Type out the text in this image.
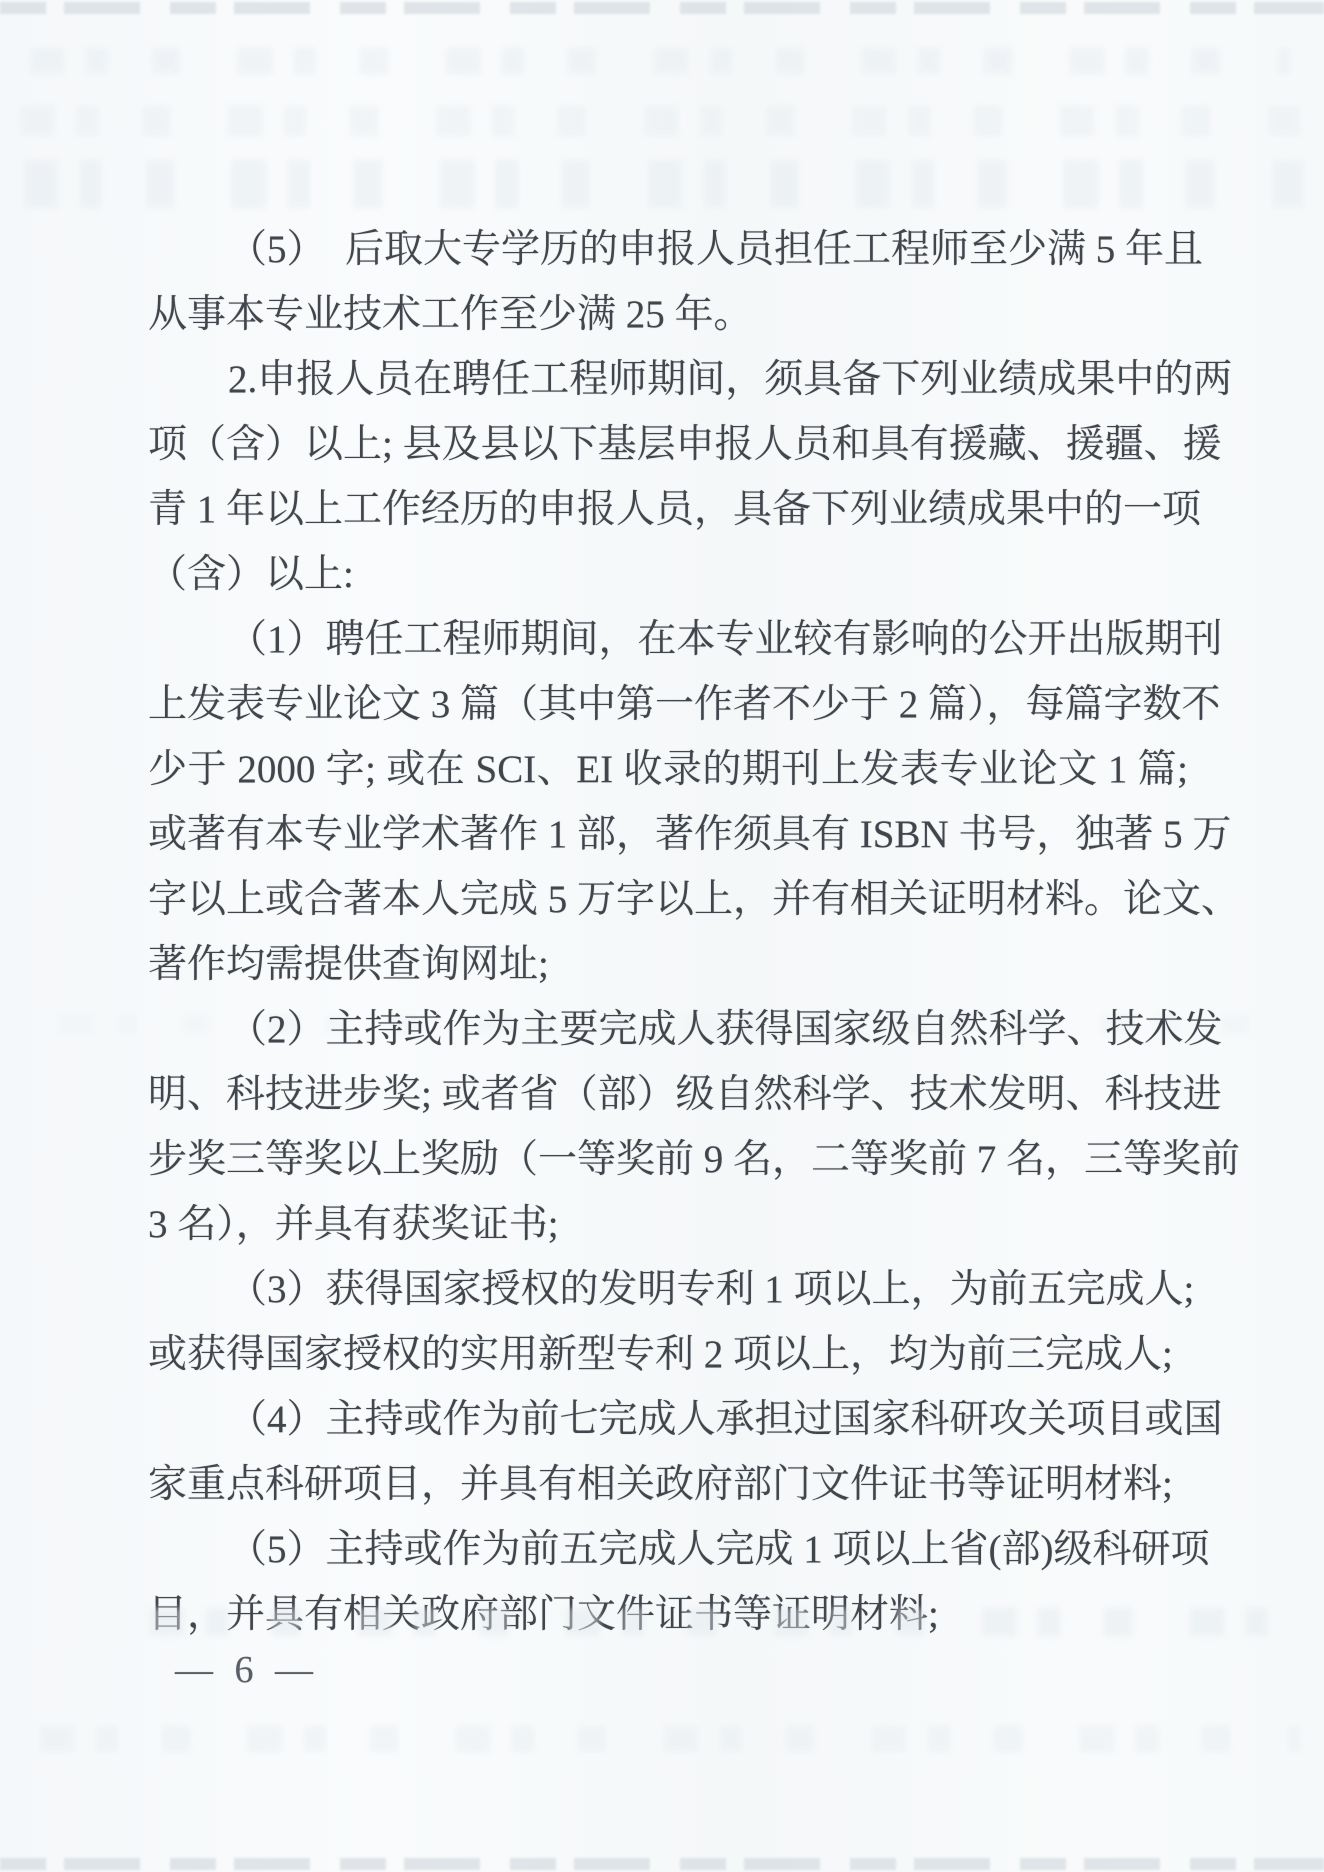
（5）　后取大专学历的申报人员担任工程师至少满 5 年且
从事本专业技术工作至少满 25 年。
2.申报人员在聘任工程师期间，须具备下列业绩成果中的两
项（含）以上; 县及县以下基层申报人员和具有援藏、援疆、援
青 1 年以上工作经历的申报人员，具备下列业绩成果中的一项
（含）以上:
（1）聘任工程师期间，在本专业较有影响的公开出版期刊
上发表专业论文 3 篇（其中第一作者不少于 2 篇），每篇字数不
少于 2000 字; 或在 SCI、EI 收录的期刊上发表专业论文 1 篇;
或著有本专业学术著作 1 部，著作须具有 ISBN 书号，独著 5 万
字以上或合著本人完成 5 万字以上，并有相关证明材料。论文、
著作均需提供查询网址;
（2）主持或作为主要完成人获得国家级自然科学、技术发
明、科技进步奖; 或者省（部）级自然科学、技术发明、科技进
步奖三等奖以上奖励（一等奖前 9 名，二等奖前 7 名，三等奖前
3 名），并具有获奖证书;
（3）获得国家授权的发明专利 1 项以上，为前五完成人;
或获得国家授权的实用新型专利 2 项以上，均为前三完成人;
（4）主持或作为前七完成人承担过国家科研攻关项目或国
家重点科研项目，并具有相关政府部门文件证书等证明材料;
（5）主持或作为前五完成人完成 1 项以上省(部)级科研项
目，并具有相关政府部门文件证书等证明材料;
— 6 —
